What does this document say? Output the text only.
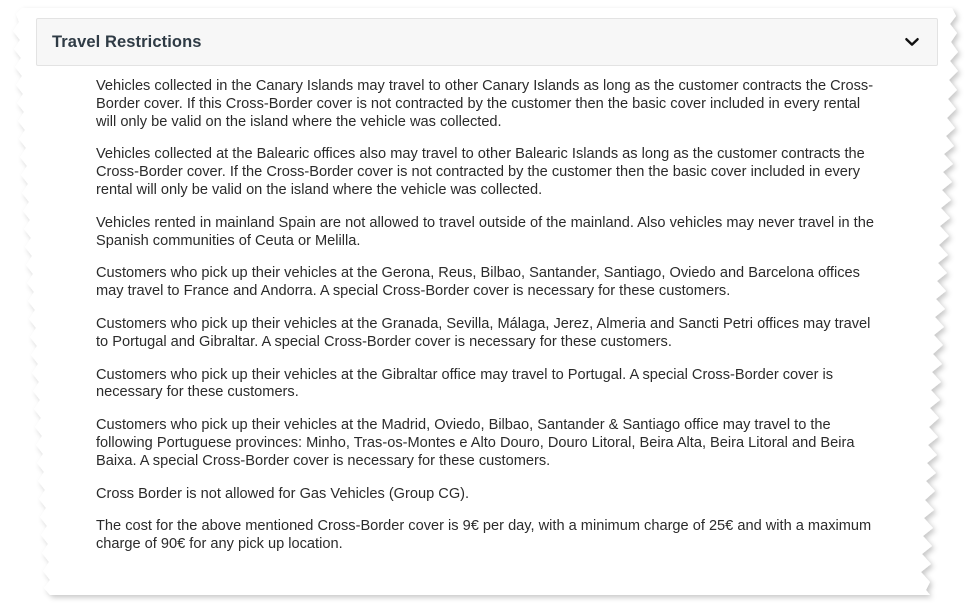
Travel Restrictions

Vehicles collected in the Canary Islands may travel to other Canary Islands as long as the customer contracts the Cross-Border cover. If this Cross-Border cover is not contracted by the customer then the basic cover included in every rental will only be valid on the island where the vehicle was collected.

Vehicles collected at the Balearic offices also may travel to other Balearic Islands as long as the customer contracts the Cross-Border cover. If the Cross-Border cover is not contracted by the customer then the basic cover included in every rental will only be valid on the island where the vehicle was collected.

Vehicles rented in mainland Spain are not allowed to travel outside of the mainland. Also vehicles may never travel in the Spanish communities of Ceuta or Melilla.

Customers who pick up their vehicles at the Gerona, Reus, Bilbao, Santander, Santiago, Oviedo and Barcelona offices may travel to France and Andorra. A special Cross-Border cover is necessary for these customers.

Customers who pick up their vehicles at the Granada, Sevilla, Málaga, Jerez, Almeria and Sancti Petri offices may travel to Portugal and Gibraltar. A special Cross-Border cover is necessary for these customers.

Customers who pick up their vehicles at the Gibraltar office may travel to Portugal. A special Cross-Border cover is necessary for these customers.

Customers who pick up their vehicles at the Madrid, Oviedo, Bilbao, Santander & Santiago office may travel to the following Portuguese provinces: Minho, Tras-os-Montes e Alto Douro, Douro Litoral, Beira Alta, Beira Litoral and Beira Baixa. A special Cross-Border cover is necessary for these customers.

Cross Border is not allowed for Gas Vehicles (Group CG).

The cost for the above mentioned Cross-Border cover is 9€ per day, with a minimum charge of 25€ and with a maximum charge of 90€ for any pick up location.
